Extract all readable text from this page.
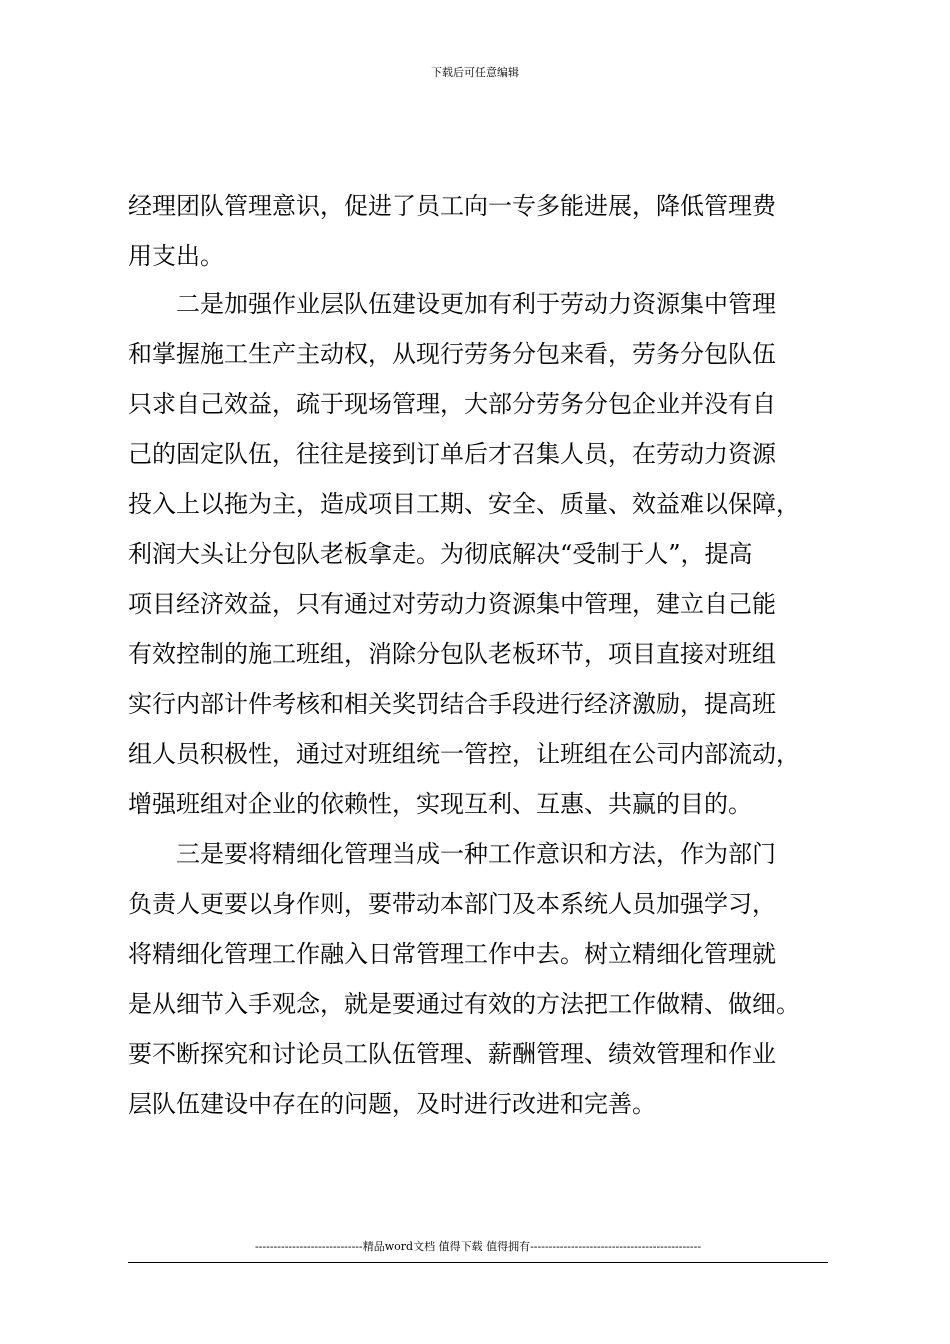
下载后可任意编辑
经理团队管理意识，促进了员工向一专多能进展，降低管理费
用支出。
二是加强作业层队伍建设更加有利于劳动力资源集中管理
和掌握施工生产主动权，从现行劳务分包来看，劳务分包队伍
只求自己效益，疏于现场管理，大部分劳务分包企业并没有自
己的固定队伍，往往是接到订单后才召集人员，在劳动力资源
投入上以拖为主，造成项目工期、安全、质量、效益难以保障，
利润大头让分包队老板拿走。为彻底解决“受制于人”，提高
项目经济效益，只有通过对劳动力资源集中管理，建立自己能
有效控制的施工班组，消除分包队老板环节，项目直接对班组
实行内部计件考核和相关奖罚结合手段进行经济激励，提高班
组人员积极性，通过对班组统一管控，让班组在公司内部流动，
增强班组对企业的依赖性，实现互利、互惠、共赢的目的。
三是要将精细化管理当成一种工作意识和方法，作为部门
负责人更要以身作则，要带动本部门及本系统人员加强学习，
将精细化管理工作融入日常管理工作中去。树立精细化管理就
是从细节入手观念，就是要通过有效的方法把工作做精、做细。
要不断探究和讨论员工队伍管理、薪酬管理、绩效管理和作业
层队伍建设中存在的问题，及时进行改进和完善。
-----------------------------精品word文档 值得下载 值得拥有----------------------------------------------
